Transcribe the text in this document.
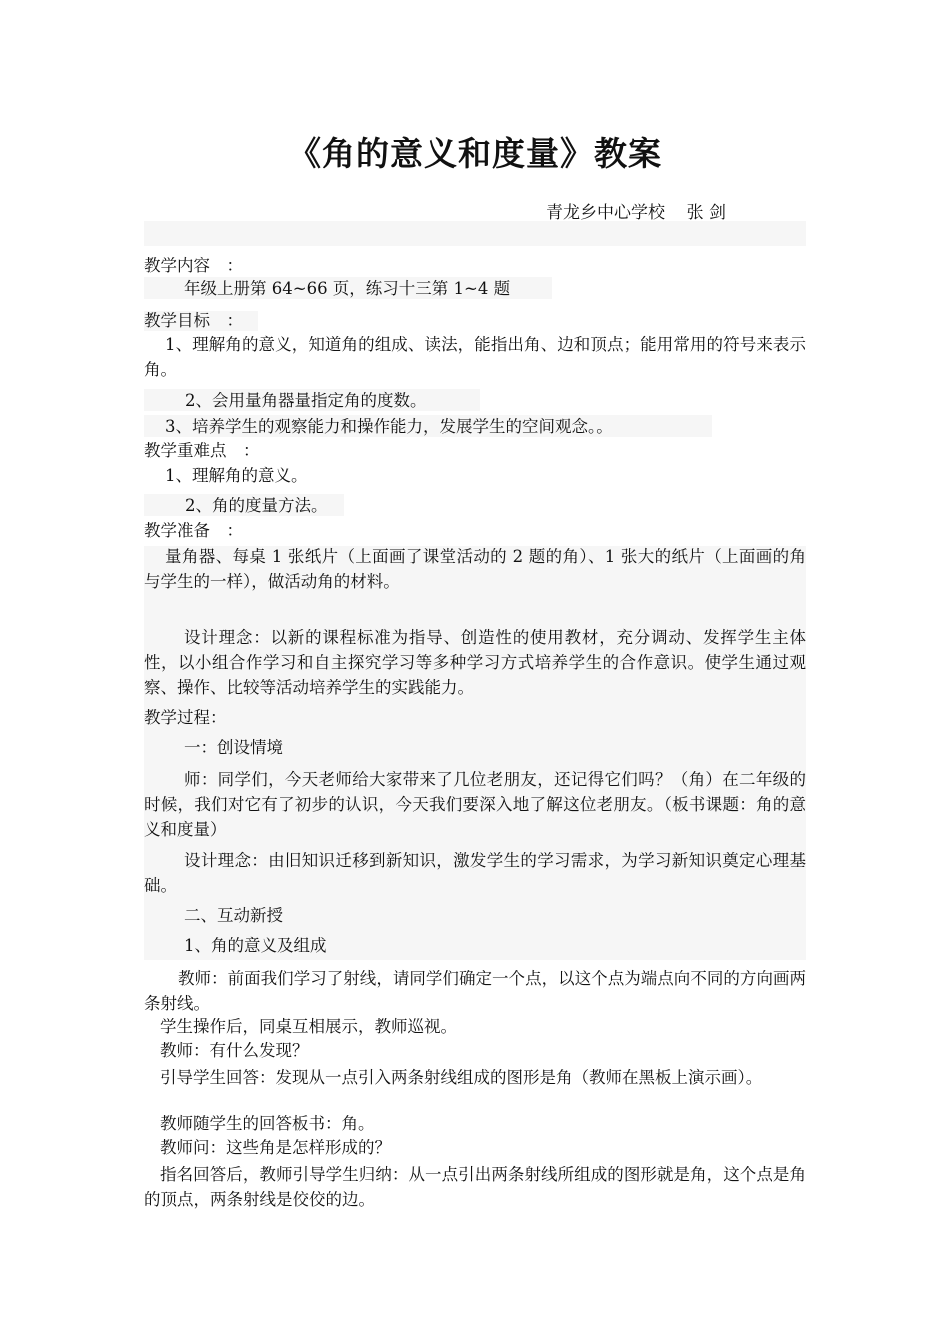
《角的意义和度量》教案
青龙乡中心学校    张 剑
教学内容　：
年级上册第 64~66 页，练习十三第 1~4 题
教学目标　：
1、理解角的意义，知道角的组成、读法，能指出角、边和顶点；能用常用的符号来表示角。
2、会用量角器量指定角的度数。
3、培养学生的观察能力和操作能力，发展学生的空间观念。。
教学重难点　：
1、理解角的意义。
2、角的度量方法。
教学准备　：
量角器、每桌 1 张纸片（上面画了课堂活动的 2 题的角）、1 张大的纸片（上面画的角与学生的一样），做活动角的材料。
设计理念：以新的课程标准为指导、创造性的使用教材，充分调动、发挥学生主体性，以小组合作学习和自主探究学习等多种学习方式培养学生的合作意识。使学生通过观察、操作、比较等活动培养学生的实践能力。
教学过程：
一：创设情境
师：同学们，今天老师给大家带来了几位老朋友，还记得它们吗？（角）在二年级的时候，我们对它有了初步的认识，今天我们要深入地了解这位老朋友。（板书课题：角的意义和度量）
设计理念：由旧知识迁移到新知识，激发学生的学习需求，为学习新知识奠定心理基础。
二、互动新授
1、角的意义及组成
教师：前面我们学习了射线，请同学们确定一个点，以这个点为端点向不同的方向画两条射线。
学生操作后，同桌互相展示，教师巡视。
教师：有什么发现？
引导学生回答：发现从一点引入两条射线组成的图形是角（教师在黑板上演示画）。
教师随学生的回答板书：角。
教师问：这些角是怎样形成的？
指名回答后，教师引导学生归纳：从一点引出两条射线所组成的图形就是角，这个点是角的顶点，两条射线是佼佼的边。
